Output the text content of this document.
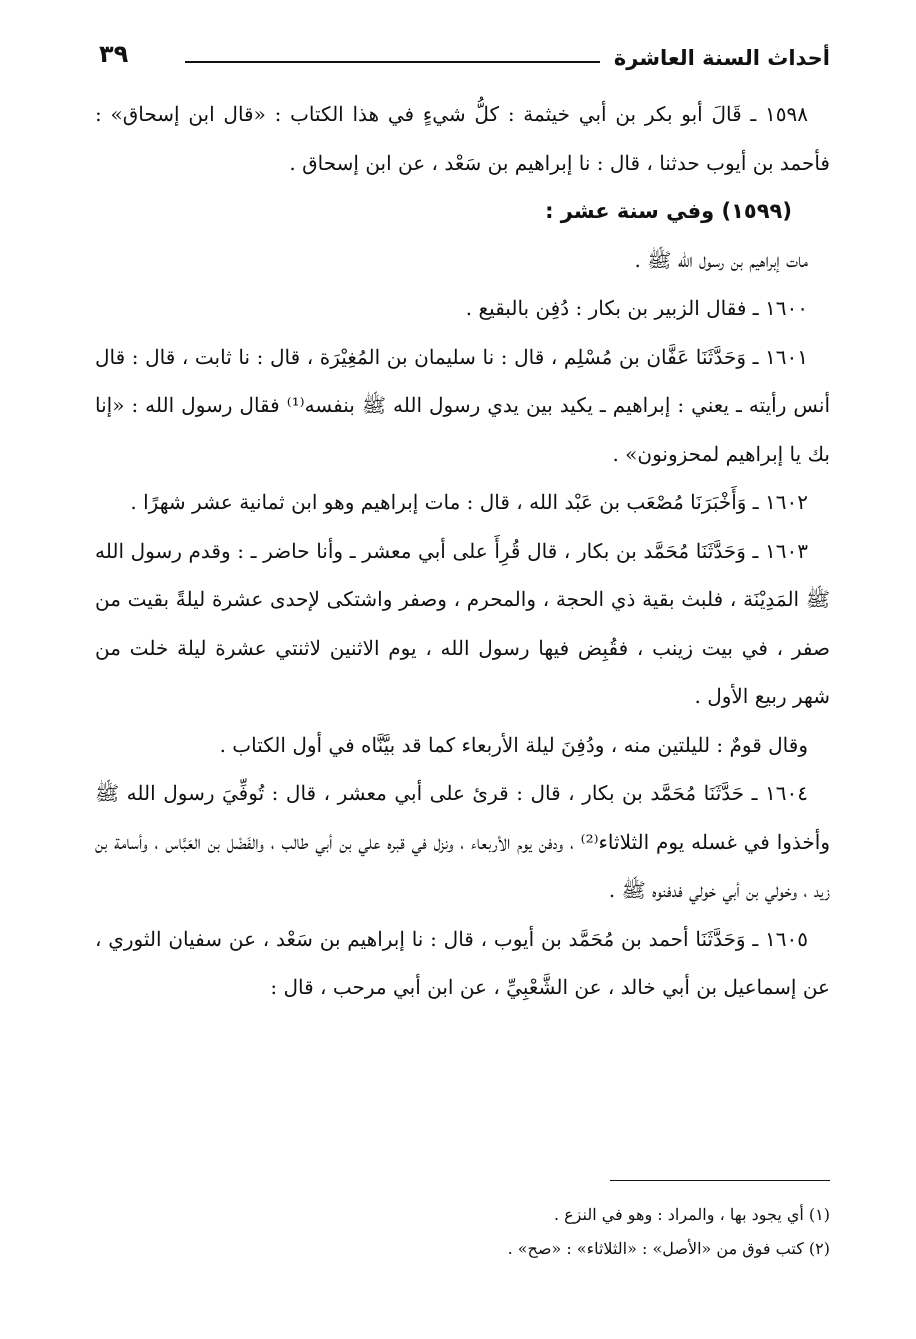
أحداث السنة العاشرة
٣٩

١٥٩٨ ـ قَالَ أبو بكر بن أبي خيثمة : كلُّ شيءٍ في هذا الكتاب : «قال ابن إسحاق» : فأحمد بن أيوب حدثنا ، قال : نا إبراهيم بن سَعْد ، عن ابن إسحاق .

(١٥٩٩) وفي سنة عشر :

مات إبراهيم بن رسول الله ﷺ .

١٦٠٠ ـ فقال الزبير بن بكار : دُفِن بالبقيع .

١٦٠١ ـ وَحَدَّثَنَا عَفَّان بن مُسْلِم ، قال : نا سليمان بن المُغِيْرَة ، قال : نا ثابت ، قال : قال أنس رأيته ـ يعني : إبراهيم ـ يكيد بين يدي رسول الله ﷺ بنفسه⁽¹⁾ فقال رسول الله : «إنا بك يا إبراهيم لمحزونون» .

١٦٠٢ ـ وَأَخْبَرَنَا مُصْعَب بن عَبْد الله ، قال : مات إبراهيم وهو ابن ثمانية عشر شهرًا .

١٦٠٣ ـ وَحَدَّثَنَا مُحَمَّد بن بكار ، قال قُرِأَ على أبي معشر ـ وأنا حاضر ـ : وقدم رسول الله ﷺ المَدِيْنَة ، فلبث بقية ذي الحجة ، والمحرم ، وصفر واشتكى لإحدى عشرة ليلةً بقيت من صفر ، في بيت زينب ، فقُبِض فيها رسول الله ، يوم الاثنين لاثنتي عشرة ليلة خلت من شهر ربيع الأول .

وقال قومٌ : لليلتين منه ، ودُفِنَ ليلة الأربعاء كما قد بيَّنَّاه في أول الكتاب .

١٦٠٤ ـ حَدَّثَنَا مُحَمَّد بن بكار ، قال : قرئ على أبي معشر ، قال : تُوفِّيَ رسول الله ﷺ وأخذوا في غسله يوم الثلاثاء⁽²⁾ ، ودفن يوم الأربعاء ، ونزل في قبره علي بن أبي طالب ، والفَضْل بن العَبَّاس ، وأسامة بن زيد ، وخولي بن أبي خولي فدفنوه ﷺ .

١٦٠٥ ـ وَحَدَّثَنَا أحمد بن مُحَمَّد بن أيوب ، قال : نا إبراهيم بن سَعْد ، عن سفيان الثوري ، عن إسماعيل بن أبي خالد ، عن الشَّعْبِيِّ ، عن ابن أبي مرحب ، قال :

(١) أي يجود بها ، والمراد : وهو في النزع .

(٢) كتب فوق من «الأصل» : «الثلاثاء» : «صح» .
